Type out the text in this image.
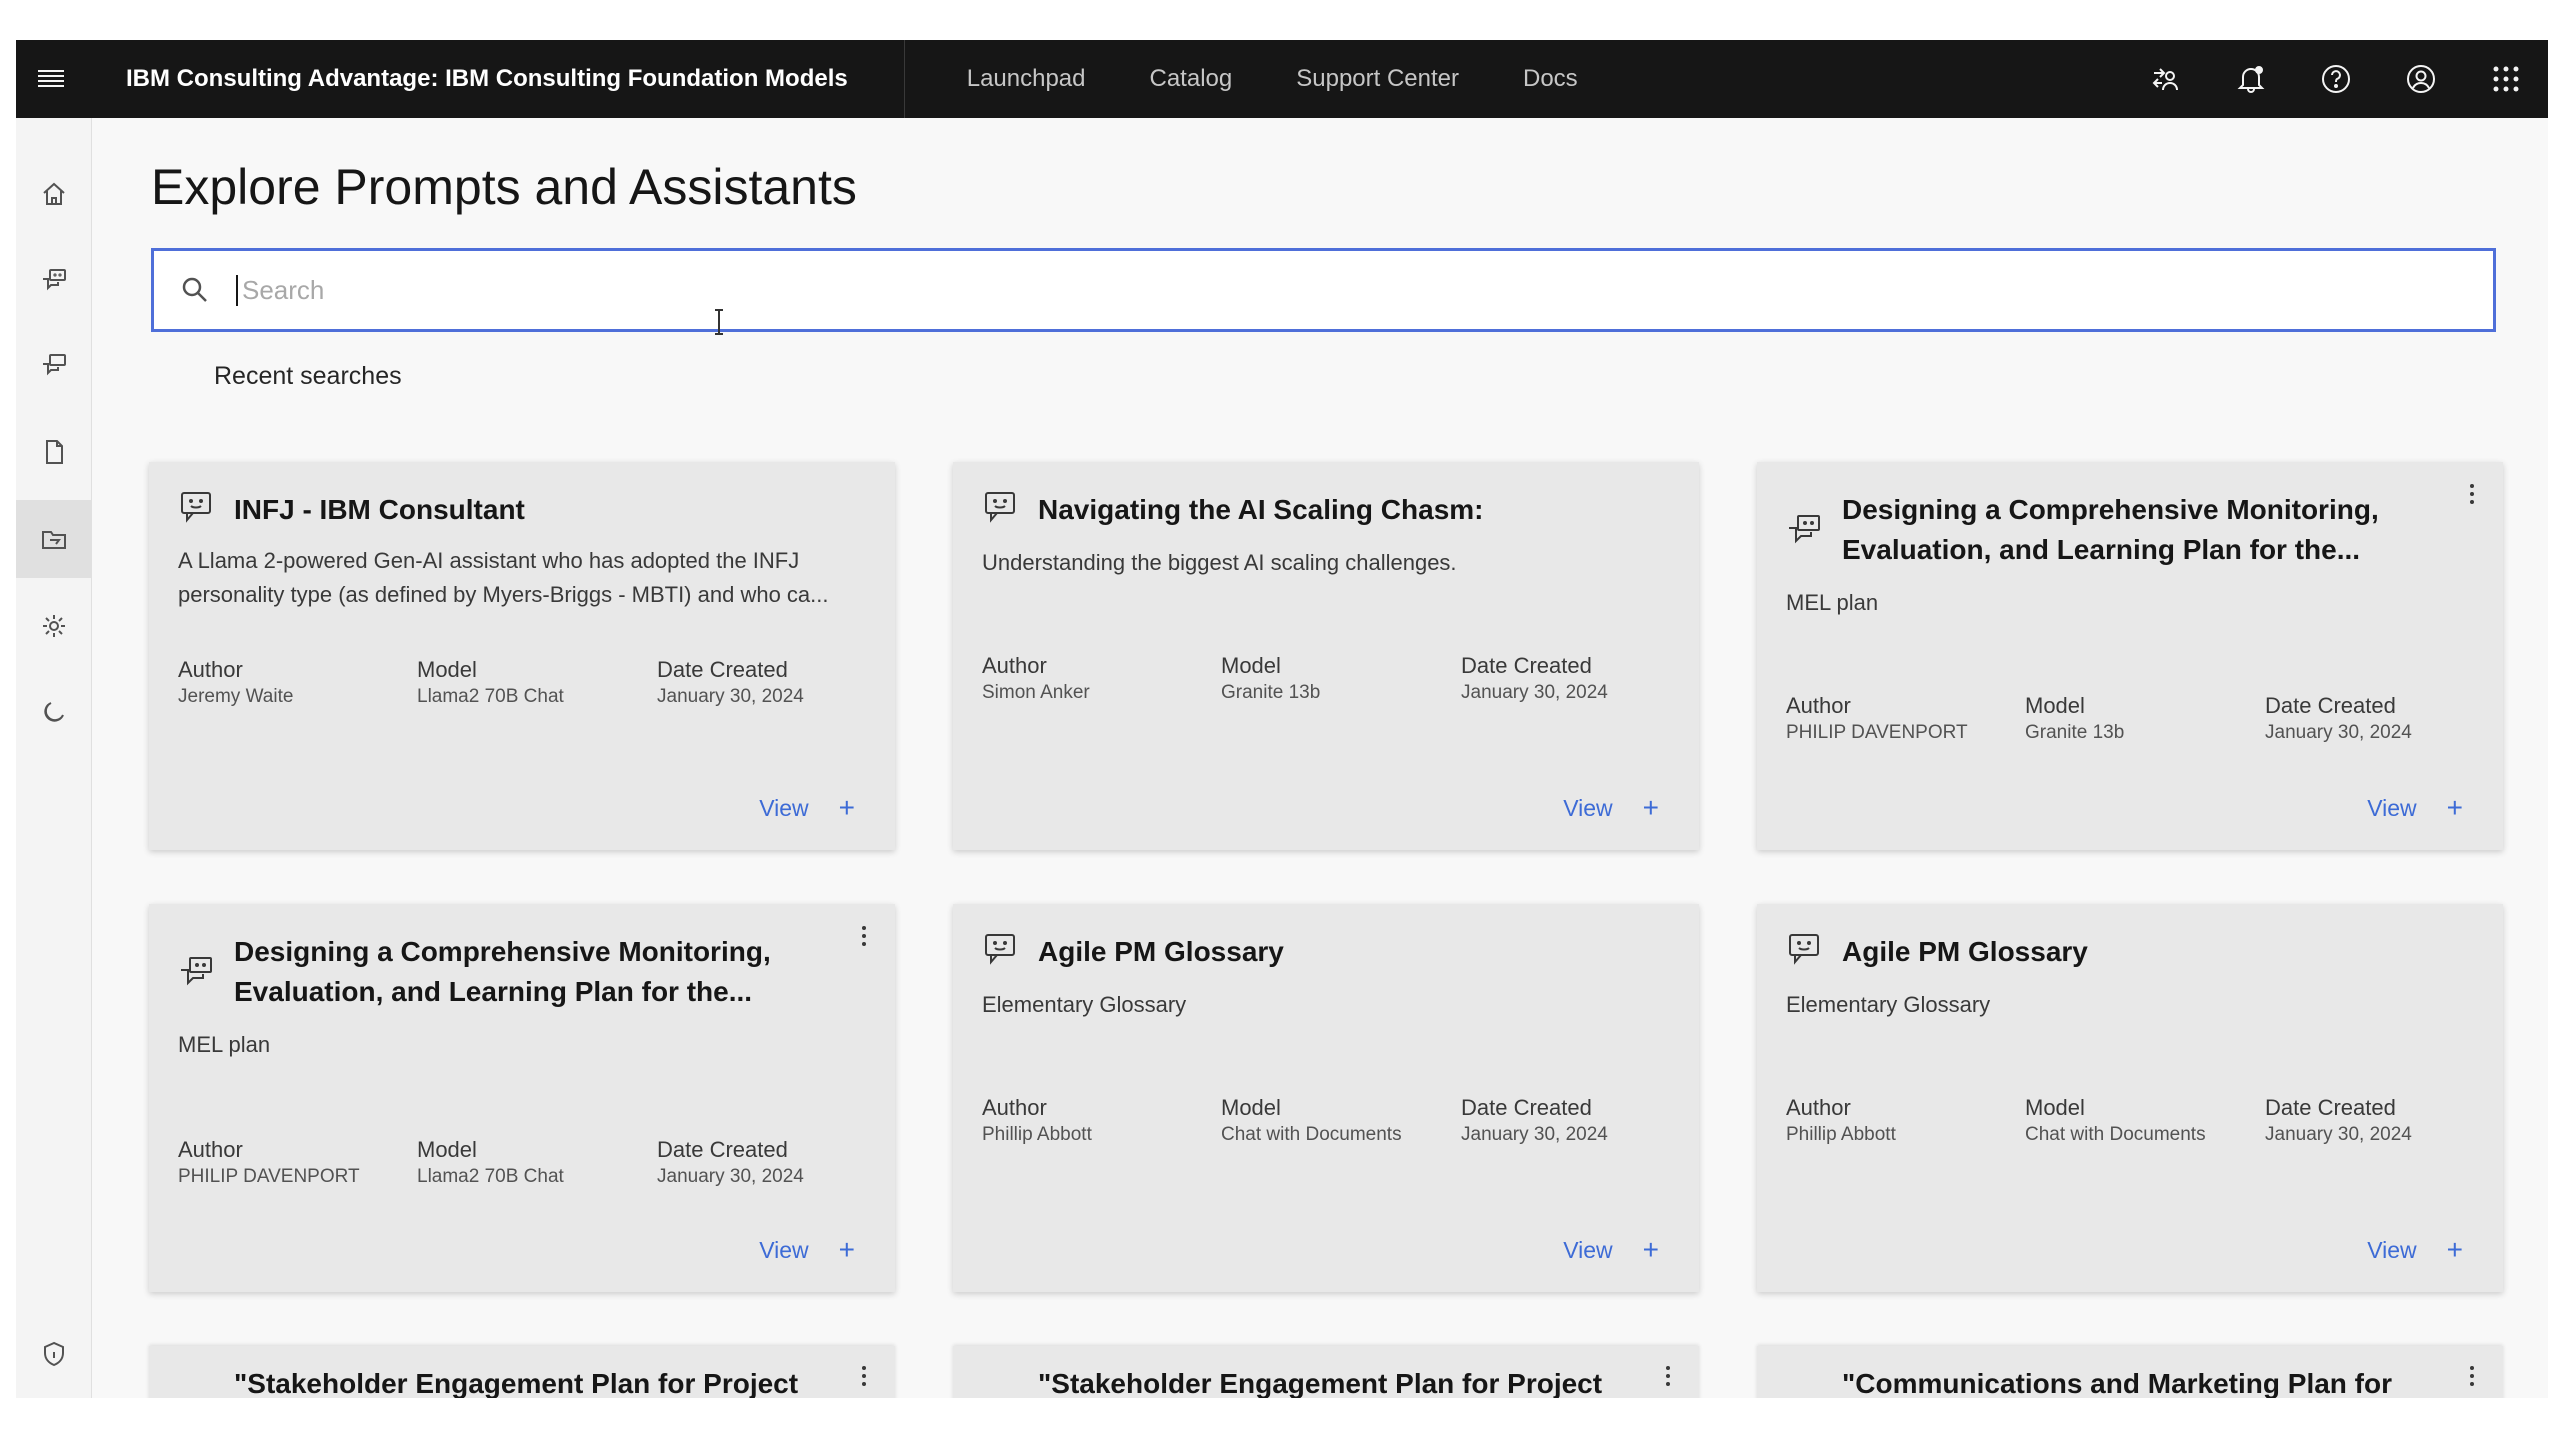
IBM Consulting Advantage: IBM Consulting Foundation Models	Launchpad	Catalog	Support Center	Docs
Explore Prompts and Assistants
Search
Recent searches
INFJ - IBM Consultant
A Llama 2-powered Gen-AI assistant who has adopted the INFJ personality type (as defined by Myers-Briggs - MBTI) and who ca...
Author
Jeremy Waite
Model
Llama2 70B Chat
Date Created
January 30, 2024
View +
Navigating the AI Scaling Chasm:
Understanding the biggest AI scaling challenges.
Author
Simon Anker
Model
Granite 13b
Date Created
January 30, 2024
View +
Designing a Comprehensive Monitoring, Evaluation, and Learning Plan for the...
MEL plan
Author
PHILIP DAVENPORT
Model
Granite 13b
Date Created
January 30, 2024
View +
Designing a Comprehensive Monitoring, Evaluation, and Learning Plan for the...
MEL plan
Author
PHILIP DAVENPORT
Model
Llama2 70B Chat
Date Created
January 30, 2024
View +
Agile PM Glossary
Elementary Glossary
Author
Phillip Abbott
Model
Chat with Documents
Date Created
January 30, 2024
View +
Agile PM Glossary
Elementary Glossary
Author
Phillip Abbott
Model
Chat with Documents
Date Created
January 30, 2024
View +
"Stakeholder Engagement Plan for Project	"Stakeholder Engagement Plan for Project	"Communications and Marketing Plan for
